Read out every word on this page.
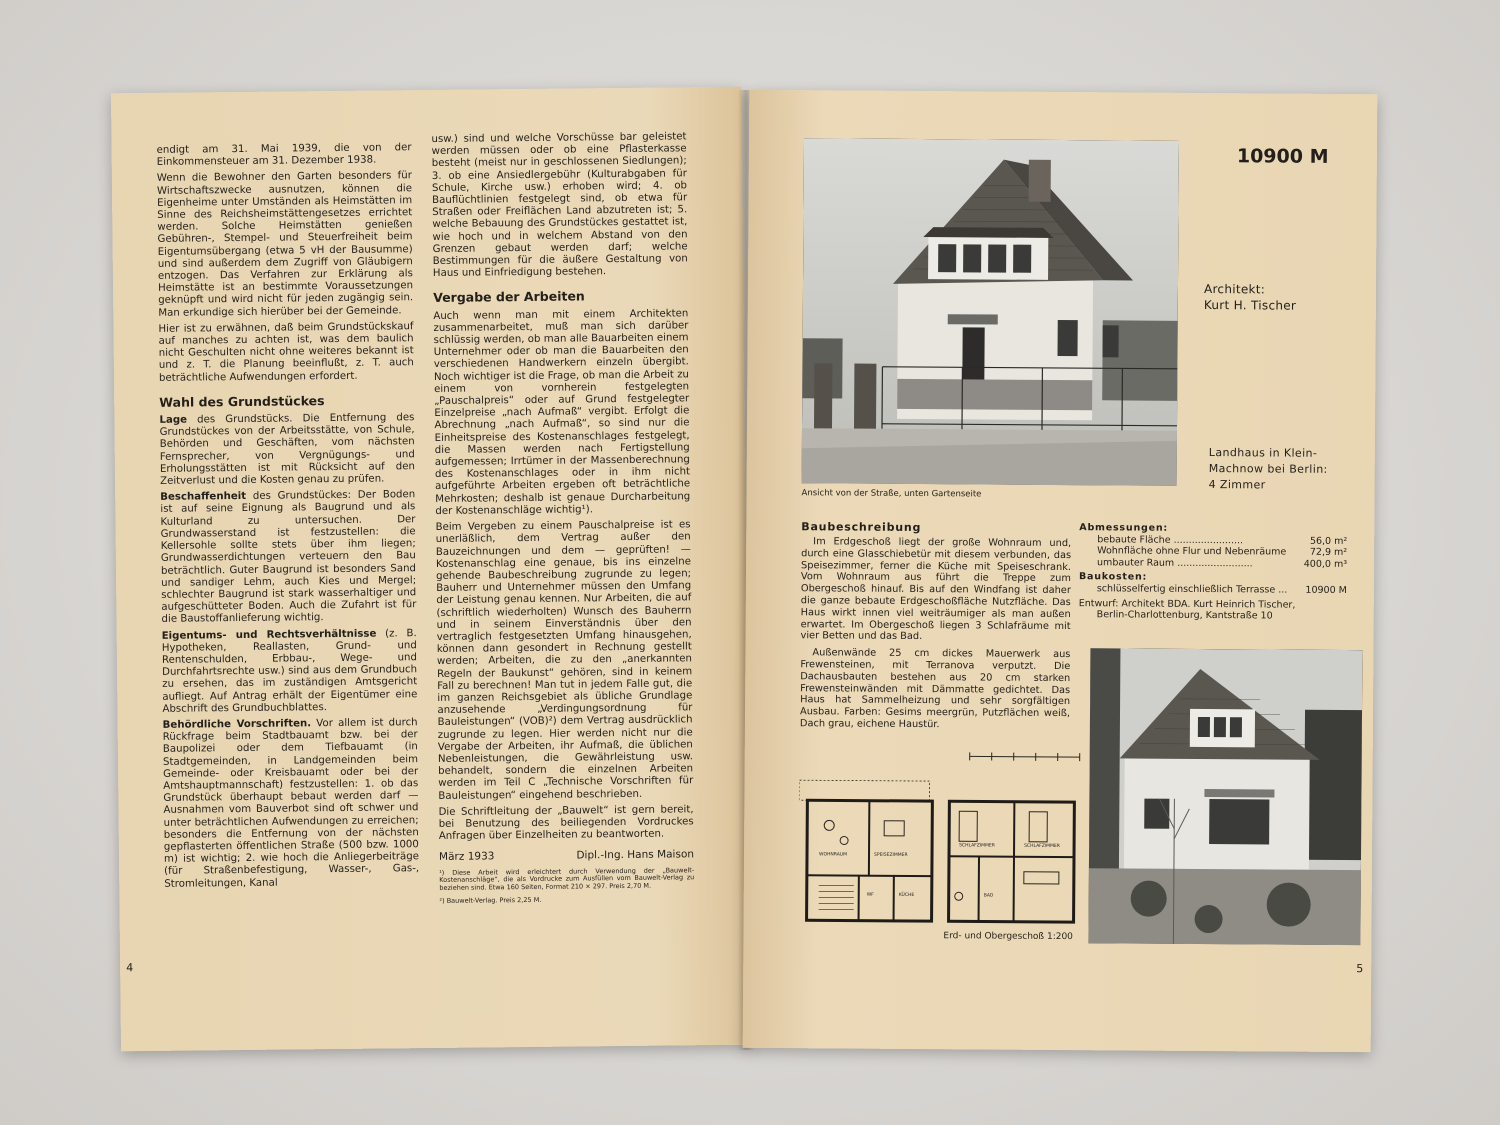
endigt am 31. Mai 1939, die von der Einkommensteuer am 31. Dezember 1938.

Wenn die Bewohner den Garten besonders für Wirtschaftszwecke ausnutzen, können die Eigenheime unter Umständen als Heimstätten im Sinne des Reichsheimstättengesetzes errichtet werden. Solche Heimstätten genießen Gebühren-, Stempel- und Steuerfreiheit beim Eigentumsübergang (etwa 5 vH der Bausumme) und sind außerdem dem Zugriff von Gläubigern entzogen. Das Verfahren zur Erklärung als Heimstätte ist an bestimmte Voraussetzungen geknüpft und wird nicht für jeden zugängig sein. Man erkundige sich hierüber bei der Gemeinde.

Hier ist zu erwähnen, daß beim Grundstückskauf auf manches zu achten ist, was dem baulich nicht Geschulten nicht ohne weiteres bekannt ist und z. T. die Planung beeinflußt, z. T. auch beträchtliche Aufwendungen erfordert.

Wahl des Grundstückes

Lage des Grundstücks. Die Entfernung des Grundstückes von der Arbeitsstätte, von Schule, Behörden und Geschäften, vom nächsten Fernsprecher, von Vergnügungs- und Erholungsstätten ist mit Rücksicht auf den Zeitverlust und die Kosten genau zu prüfen.

Beschaffenheit des Grundstückes: Der Boden ist auf seine Eignung als Baugrund und als Kulturland zu untersuchen. Der Grundwasserstand ist festzustellen: die Kellersohle sollte stets über ihm liegen; Grundwasserdichtungen verteuern den Bau beträchtlich. Guter Baugrund ist besonders Sand und sandiger Lehm, auch Kies und Mergel; schlechter Baugrund ist stark wasserhaltiger und aufgeschütteter Boden. Auch die Zufahrt ist für die Baustoffanlieferung wichtig.

Eigentums- und Rechtsverhältnisse (z. B. Hypotheken, Reallasten, Grund- und Rentenschulden, Erbbau-, Wege- und Durchfahrtsrechte usw.) sind aus dem Grundbuch zu ersehen, das im zuständigen Amtsgericht aufliegt. Auf Antrag erhält der Eigentümer eine Abschrift des Grundbuchblattes.

Behördliche Vorschriften. Vor allem ist durch Rückfrage beim Stadtbauamt bzw. bei der Baupolizei oder dem Tiefbauamt (in Stadtgemeinden, in Landgemeinden beim Gemeinde- oder Kreisbauamt oder bei der Amtshauptmannschaft) festzustellen: 1. ob das Grundstück überhaupt bebaut werden darf — Ausnahmen vom Bauverbot sind oft schwer und unter beträchtlichen Aufwendungen zu erreichen; besonders die Entfernung von der nächsten gepflasterten öffentlichen Straße (500 bzw. 1000 m) ist wichtig; 2. wie hoch die Anliegerbeiträge (für Straßenbefestigung, Wasser-, Gas-, Stromleitungen, Kanal

usw.) sind und welche Vorschüsse bar geleistet werden müssen oder ob eine Pflasterkasse besteht (meist nur in geschlossenen Siedlungen); 3. ob eine Ansiedlergebühr (Kulturabgaben für Schule, Kirche usw.) erhoben wird; 4. ob Bauflüchtlinien festgelegt sind, ob etwa für Straßen oder Freiflächen Land abzutreten ist; 5. welche Bebauung des Grundstückes gestattet ist, wie hoch und in welchem Abstand von den Grenzen gebaut werden darf; welche Bestimmungen für die äußere Gestaltung von Haus und Einfriedigung bestehen.

Vergabe der Arbeiten

Auch wenn man mit einem Architekten zusammenarbeitet, muß man sich darüber schlüssig werden, ob man alle Bauarbeiten einem Unternehmer oder ob man die Bauarbeiten den verschiedenen Handwerkern einzeln übergibt. Noch wichtiger ist die Frage, ob man die Arbeit zu einem von vornherein festgelegten „Pauschalpreis“ oder auf Grund festgelegter Einzelpreise „nach Aufmaß“ vergibt. Erfolgt die Abrechnung „nach Aufmaß“, so sind nur die Einheitspreise des Kostenanschlages festgelegt, die Massen werden nach Fertigstellung aufgemessen; Irrtümer in der Massenberechnung des Kostenanschlages oder in ihm nicht aufgeführte Arbeiten ergeben oft beträchtliche Mehrkosten; deshalb ist genaue Durcharbeitung der Kostenanschläge wichtig¹).

Beim Vergeben zu einem Pauschalpreise ist es unerläßlich, dem Vertrag außer den Bauzeichnungen und dem — geprüften! — Kostenanschlag eine genaue, bis ins einzelne gehende Baubeschreibung zugrunde zu legen; Bauherr und Unternehmer müssen den Umfang der Leistung genau kennen. Nur Arbeiten, die auf (schriftlich wiederholten) Wunsch des Bauherrn und in seinem Einverständnis über den vertraglich festgesetzten Umfang hinausgehen, können dann gesondert in Rechnung gestellt werden; Arbeiten, die zu den „anerkannten Regeln der Baukunst“ gehören, sind in keinem Fall zu berechnen! Man tut in jedem Falle gut, die im ganzen Reichsgebiet als übliche Grundlage anzusehende „Verdingungsordnung für Bauleistungen“ (VOB)²) dem Vertrag ausdrücklich zugrunde zu legen. Hier werden nicht nur die Vergabe der Arbeiten, ihr Aufmaß, die üblichen Nebenleistungen, die Gewährleistung usw. behandelt, sondern die einzelnen Arbeiten werden im Teil C „Technische Vorschriften für Bauleistungen“ eingehend beschrieben.

Die Schriftleitung der „Bauwelt“ ist gern bereit, bei Benutzung des beiliegenden Vordruckes Anfragen über Einzelheiten zu beantworten.

März 1933	Dipl.-Ing. Hans Maison
¹) Diese Arbeit wird erleichtert durch Verwendung der „Bauwelt-Kostenanschläge“, die als Vordrucke zum Ausfüllen vom Bauwelt-Verlag zu beziehen sind. Etwa 160 Seiten, Format 210 × 297. Preis 2,70 M.
²) Bauwelt-Verlag. Preis 2,25 M.
4
Ansicht von der Straße, unten Gartenseite
10900 M
Architekt:
Kurt H. Tischer
Landhaus in Klein-Machnow bei Berlin:
4 Zimmer
Baubeschreibung

Im Erdgeschoß liegt der große Wohnraum und, durch eine Glasschiebetür mit diesem verbunden, das Speisezimmer, ferner die Küche mit Speiseschrank. Vom Wohnraum aus führt die Treppe zum Obergeschoß hinauf. Bis auf den Windfang ist daher die ganze bebaute Erdgeschoßfläche Nutzfläche. Das Haus wirkt innen viel weiträumiger als man außen erwartet. Im Obergeschoß liegen 3 Schlafräume mit vier Betten und das Bad.

Außenwände 25 cm dickes Mauerwerk aus Frewensteinen, mit Terranova verputzt. Die Dachausbauten bestehen aus 20 cm starken Frewensteinwänden mit Dämmatte gedichtet. Das Haus hat Sammelheizung und sehr sorgfältigen Ausbau. Farben: Gesims meergrün, Putzflächen weiß, Dach grau, eichene Haustür.

Abmessungen:
bebaute Fläche .......................	56,0 m²
Wohnfläche ohne Flur und Nebenräume 72,9 m²
umbauter Raum .........................	400,0 m³
Baukosten:
schlüsselfertig einschließlich Terrasse ... 10900 M
Entwurf: Architekt BDA. Kurt Heinrich Tischer,
Berlin-Charlottenburg, Kantstraße 10
WOHNRAUM	SPEISEZIMMER
KÜCHE
WF
SCHLAFZIMMER
BAD
SCHLAFZIMMER
Erd- und Obergeschoß 1:200
5
